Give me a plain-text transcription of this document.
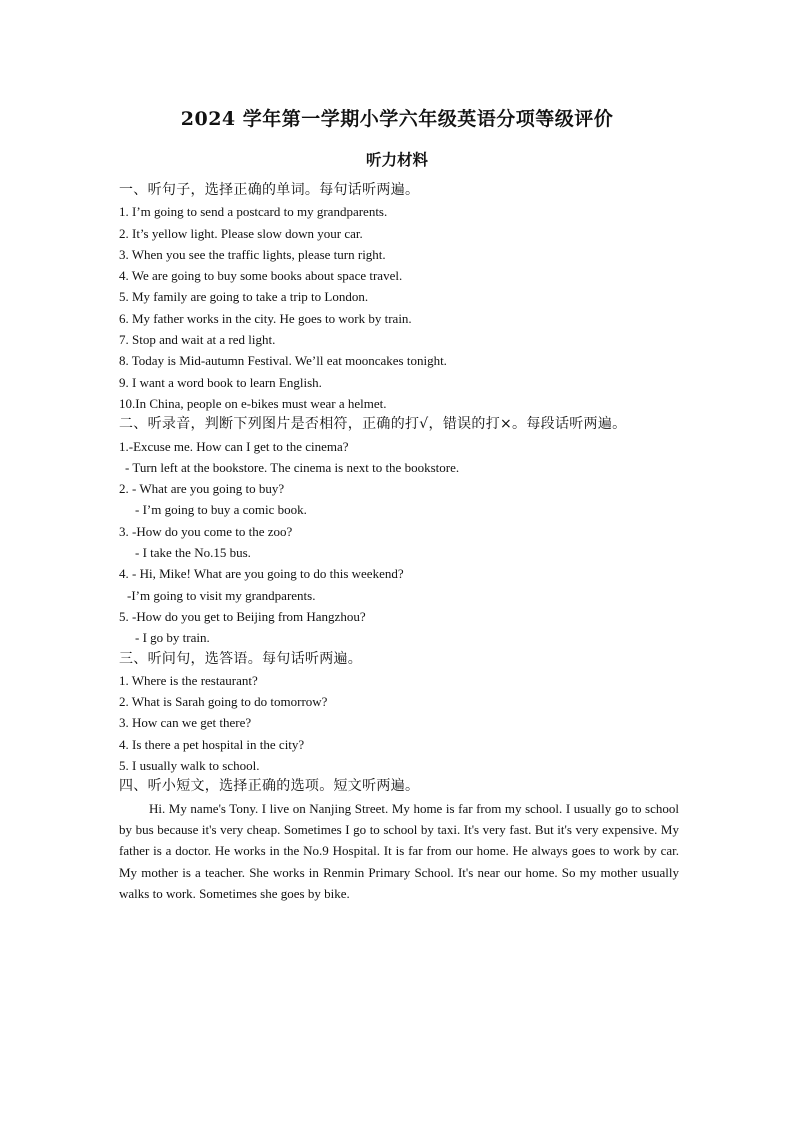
2024 学年第一学期小学六年级英语分项等级评价
听力材料
一、听句子，选择正确的单词。每句话听两遍。
1. I’m going to send a postcard to my grandparents.
2. It’s yellow light. Please slow down your car.
3. When you see the traffic lights, please turn right.
4. We are going to buy some books about space travel.
5. My family are going to take a trip to London.
6. My father works in the city. He goes to work by train.
7. Stop and wait at a red light.
8. Today is Mid-autumn Festival. We’ll eat mooncakes tonight.
9. I want a word book to learn English.
10.In China, people on e-bikes must wear a helmet.
二、听录音，判断下列图片是否相符，正确的打√，错误的打×。每段话听两遍。
1.-Excuse me. How can I get to the cinema?
- Turn left at the bookstore. The cinema is next to the bookstore.
2. - What are you going to buy?
- I’m going to buy a comic book.
3. -How do you come to the zoo?
- I take the No.15 bus.
4. - Hi, Mike! What are you going to do this weekend?
-I’m going to visit my grandparents.
5. -How do you get to Beijing from Hangzhou?
- I go by train.
三、听问句，选答语。每句话听两遍。
1. Where is the restaurant?
2. What is Sarah going to do tomorrow?
3. How can we get there?
4. Is there a pet hospital in the city?
5. I usually walk to school.
四、听小短文，选择正确的选项。短文听两遍。
Hi. My name's Tony. I live on Nanjing Street. My home is far from my school. I usually go to school by bus because it's very cheap. Sometimes I go to school by taxi. It's very fast. But it's very expensive. My father is a doctor. He works in the No.9 Hospital. It is far from our home. He always goes to work by car. My mother is a teacher. She works in Renmin Primary School. It's near our home. So my mother usually walks to work. Sometimes she goes by bike.
